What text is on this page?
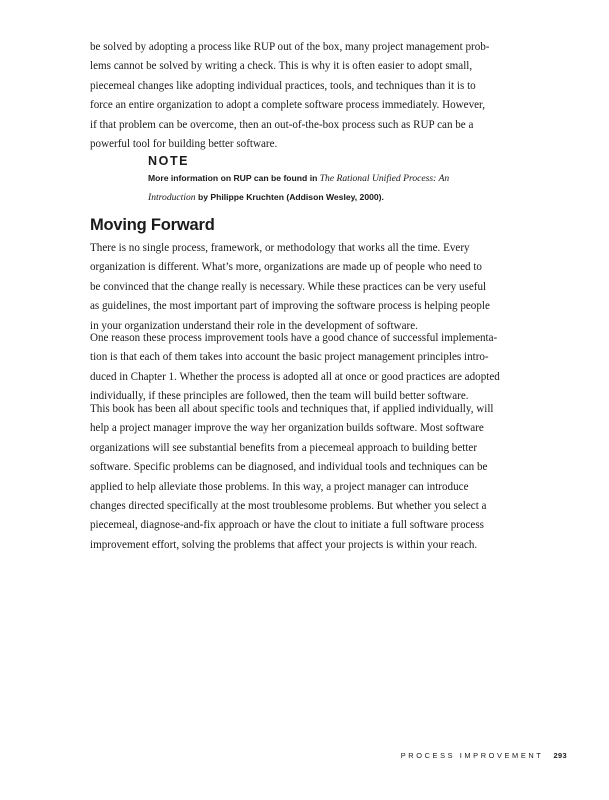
be solved by adopting a process like RUP out of the box, many project management prob-
lems cannot be solved by writing a check. This is why it is often easier to adopt small,
piecemeal changes like adopting individual practices, tools, and techniques than it is to
force an entire organization to adopt a complete software process immediately. However,
if that problem can be overcome, then an out-of-the-box process such as RUP can be a
powerful tool for building better software.

NOTE
More information on RUP can be found in The Rational Unified Process: An
Introduction by Philippe Kruchten (Addison Wesley, 2000).
Moving Forward

There is no single process, framework, or methodology that works all the time. Every
organization is different. What’s more, organizations are made up of people who need to
be convinced that the change really is necessary. While these practices can be very useful
as guidelines, the most important part of improving the software process is helping people
in your organization understand their role in the development of software.

One reason these process improvement tools have a good chance of successful implementa-
tion is that each of them takes into account the basic project management principles intro-
duced in Chapter 1. Whether the process is adopted all at once or good practices are adopted
individually, if these principles are followed, then the team will build better software.

This book has been all about specific tools and techniques that, if applied individually, will
help a project manager improve the way her organization builds software. Most software
organizations will see substantial benefits from a piecemeal approach to building better
software. Specific problems can be diagnosed, and individual tools and techniques can be
applied to help alleviate those problems. In this way, a project manager can introduce
changes directed specifically at the most troublesome problems. But whether you select a
piecemeal, diagnose-and-fix approach or have the clout to initiate a full software process
improvement effort, solving the problems that affect your projects is within your reach.

PROCESS IMPROVEMENT 293
